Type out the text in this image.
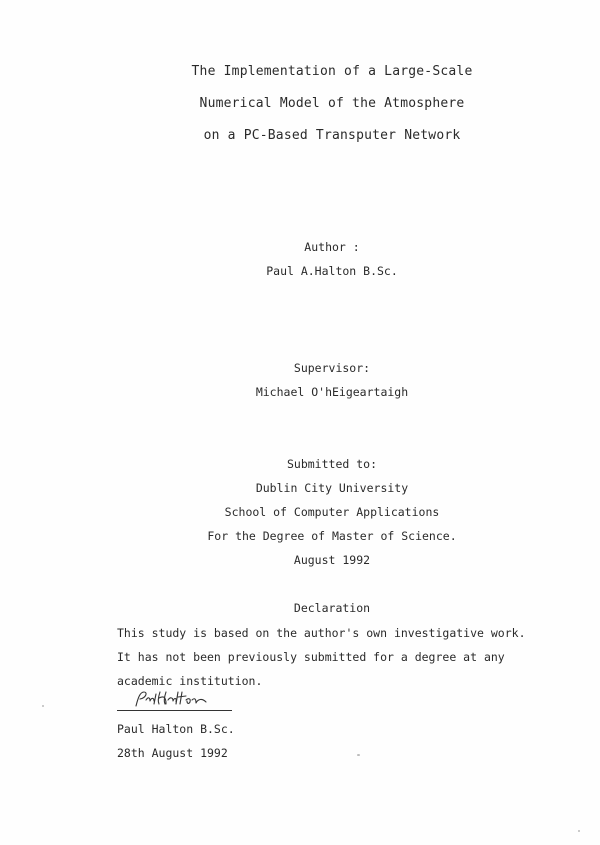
The Implementation of a Large-Scale
Numerical Model of the Atmosphere
on a PC-Based Transputer Network
Author :
Paul A.Halton B.Sc.
Supervisor:
Michael O'hEigeartaigh
Submitted to:
Dublin City University
School of Computer Applications
For the Degree of Master of Science.
August 1992
Declaration
This study is based on the author's own investigative work.
It has not been previously submitted for a degree at any
academic institution.
Paul Halton B.Sc.
28th August 1992
